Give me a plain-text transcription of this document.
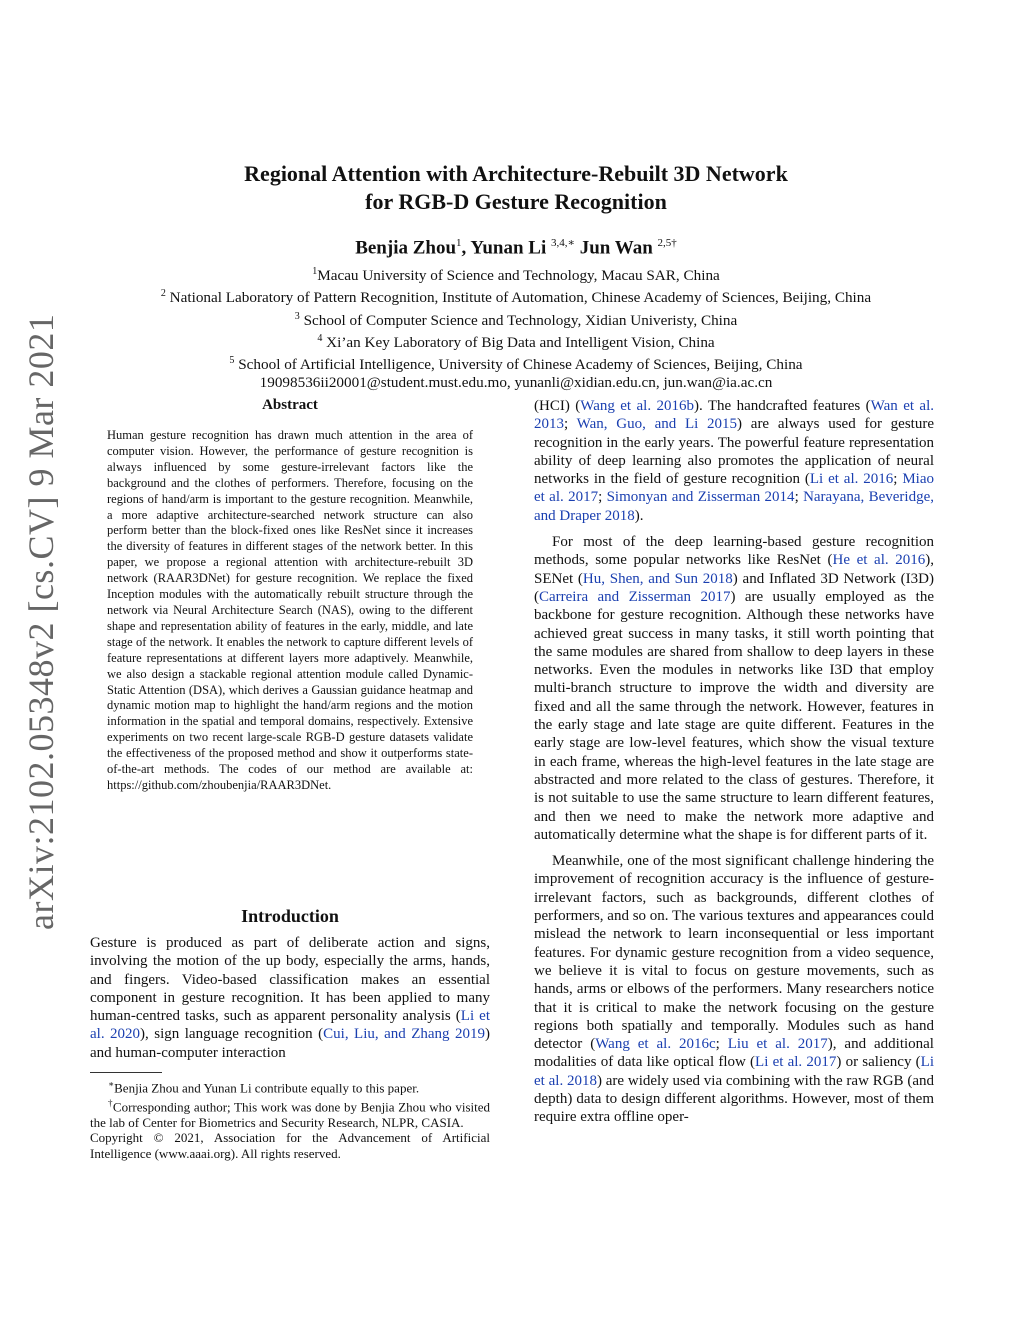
arXiv:2102.05348v2 [cs.CV] 9 Mar 2021
Regional Attention with Architecture-Rebuilt 3D Network
for RGB-D Gesture Recognition
Benjia Zhou$^1$, Yunan Li $^{3,4,∗}$ Jun Wan $^{2,5\dagger}$
$^1$Macau University of Science and Technology, Macau SAR, China
$^2$ National Laboratory of Pattern Recognition, Institute of Automation, Chinese Academy of Sciences, Beijing, China
$^3$ School of Computer Science and Technology, Xidian Univeristy, China
$^4$ Xi’an Key Laboratory of Big Data and Intelligent Vision, China
$^5$ School of Artificial Intelligence, University of Chinese Academy of Sciences, Beijing, China
19098536ii20001@student.must.edu.mo, yunanli@xidian.edu.cn, jun.wan@ia.ac.cn
Abstract
Human gesture recognition has drawn much attention in the area of computer vision. However, the performance of gesture recognition is always influenced by some gesture-irrelevant factors like the background and the clothes of performers. Therefore, focusing on the regions of hand/arm is important to the gesture recognition. Meanwhile, a more adaptive architecture-searched network structure can also perform better than the block-fixed ones like ResNet since it increases the diversity of features in different stages of the network better. In this paper, we propose a regional attention with architecture-rebuilt 3D network (RAAR3DNet) for gesture recognition. We replace the fixed Inception modules with the automatically rebuilt structure through the network via Neural Architecture Search (NAS), owing to the different shape and representation ability of features in the early, middle, and late stage of the network. It enables the network to capture different levels of feature representations at different layers more adaptively. Meanwhile, we also design a stackable regional attention module called Dynamic-Static Attention (DSA), which derives a Gaussian guidance heatmap and dynamic motion map to highlight the hand/arm regions and the motion information in the spatial and temporal domains, respectively. Extensive experiments on two recent large-scale RGB-D gesture datasets validate the effectiveness of the proposed method and show it outperforms state-of-the-art methods. The codes of our method are available at: https://github.com/zhoubenjia/RAAR3DNet.
Introduction
Gesture is produced as part of deliberate action and signs, involving the motion of the up body, especially the arms, hands, and fingers. Video-based classification makes an essential component in gesture recognition. It has been applied to many human-centred tasks, such as apparent personality analysis (Li et al. 2020), sign language recognition (Cui, Liu, and Zhang 2019) and human-computer interaction

∗Benjia Zhou and Yunan Li contribute equally to this paper.

†Corresponding author; This work was done by Benjia Zhou who visited the lab of Center for Biometrics and Security Research, NLPR, CASIA.

Copyright © 2021, Association for the Advancement of Artificial Intelligence (www.aaai.org). All rights reserved.

(HCI) (Wang et al. 2016b). The handcrafted features (Wan et al. 2013; Wan, Guo, and Li 2015) are always used for gesture recognition in the early years. The powerful feature representation ability of deep learning also promotes the application of neural networks in the field of gesture recognition (Li et al. 2016; Miao et al. 2017; Simonyan and Zisserman 2014; Narayana, Beveridge, and Draper 2018).

For most of the deep learning-based gesture recognition methods, some popular networks like ResNet (He et al. 2016), SENet (Hu, Shen, and Sun 2018) and Inflated 3D Network (I3D) (Carreira and Zisserman 2017) are usually employed as the backbone for gesture recognition. Although these networks have achieved great success in many tasks, it still worth pointing that the same modules are shared from shallow to deep layers in these networks. Even the modules in networks like I3D that employ multi-branch structure to improve the width and diversity are fixed and all the same through the network. However, features in the early stage and late stage are quite different. Features in the early stage are low-level features, which show the visual texture in each frame, whereas the high-level features in the late stage are abstracted and more related to the class of gestures. Therefore, it is not suitable to use the same structure to learn different features, and then we need to make the network more adaptive and automatically determine what the shape is for different parts of it.

Meanwhile, one of the most significant challenge hindering the improvement of recognition accuracy is the influence of gesture-irrelevant factors, such as backgrounds, different clothes of performers, and so on. The various textures and appearances could mislead the network to learn inconsequential or less important features. For dynamic gesture recognition from a video sequence, we believe it is vital to focus on gesture movements, such as hands, arms or elbows of the performers. Many researchers notice that it is critical to make the network focusing on the gesture regions both spatially and temporally. Modules such as hand detector (Wang et al. 2016c; Liu et al. 2017), and additional modalities of data like optical flow (Li et al. 2017) or saliency (Li et al. 2018) are widely used via combining with the raw RGB (and depth) data to design different algorithms. However, most of them require extra offline oper-
